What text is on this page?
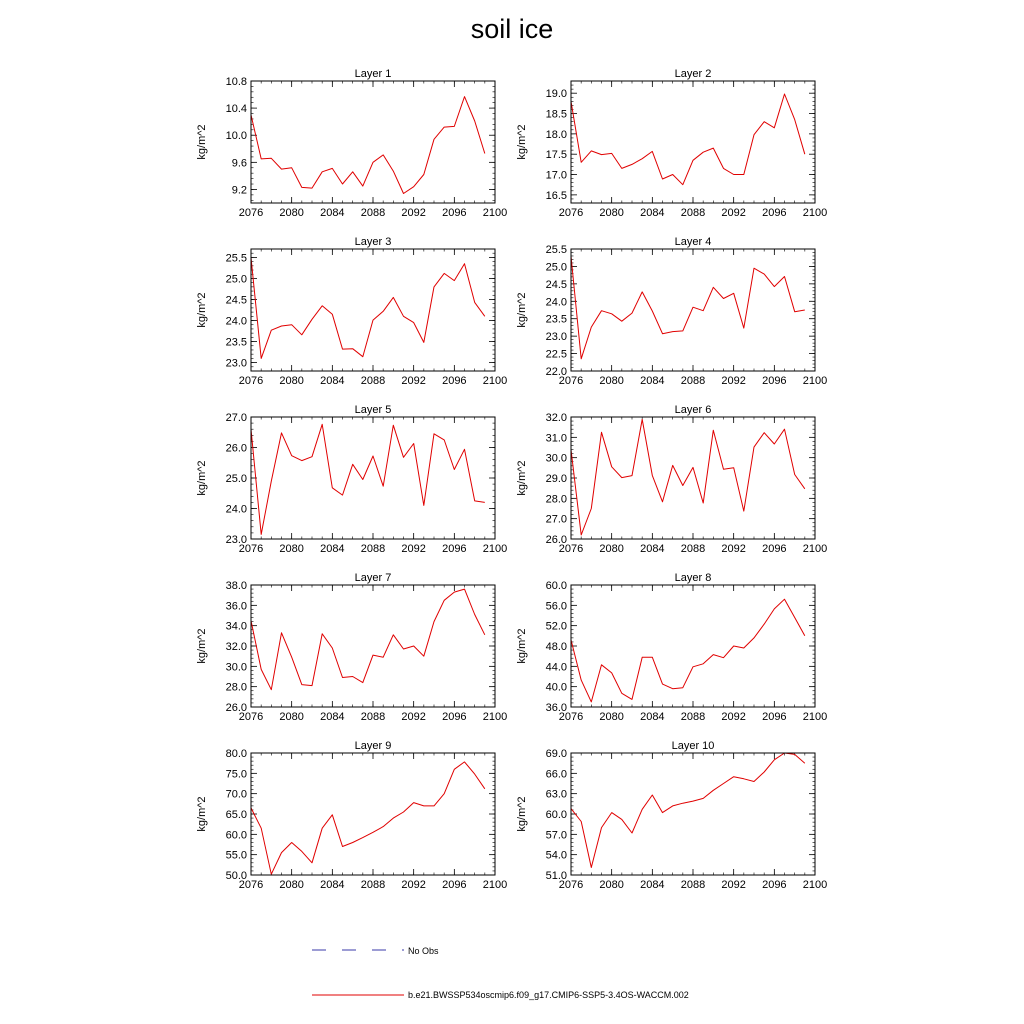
soil ice
Layer 1
kg/m^2
2076 2080 2084 2088 2092 2096 2100
9.2
9.6
10.0
10.4
10.8
Layer 2
kg/m^2
2076 2080 2084 2088 2092 2096 2100
16.5
17.0
17.5
18.0
18.5
19.0
Layer 3
kg/m^2
2076 2080 2084 2088 2092 2096 2100
23.0
23.5
24.0
24.5
25.0
25.5
Layer 4
kg/m^2
2076 2080 2084 2088 2092 2096 2100
22.0
22.5
23.0
23.5
24.0
24.5
25.0
25.5
Layer 5
kg/m^2
2076 2080 2084 2088 2092 2096 2100
23.0
24.0
25.0
26.0
27.0
Layer 6
kg/m^2
2076 2080 2084 2088 2092 2096 2100
26.0
27.0
28.0
29.0
30.0
31.0
32.0
Layer 7
kg/m^2
2076 2080 2084 2088 2092 2096 2100
26.0
28.0
30.0
32.0
34.0
36.0
38.0
Layer 8
kg/m^2
2076 2080 2084 2088 2092 2096 2100
36.0
40.0
44.0
48.0
52.0
56.0
60.0
Layer 9
kg/m^2
2076 2080 2084 2088 2092 2096 2100
50.0
55.0
60.0
65.0
70.0
75.0
80.0
Layer 10
kg/m^2
2076 2080 2084 2088 2092 2096 2100
51.0
54.0
57.0
60.0
63.0
66.0
69.0
No Obs
b.e21.BWSSP534oscmip6.f09_g17.CMIP6-SSP5-3.4OS-WACCM.002
